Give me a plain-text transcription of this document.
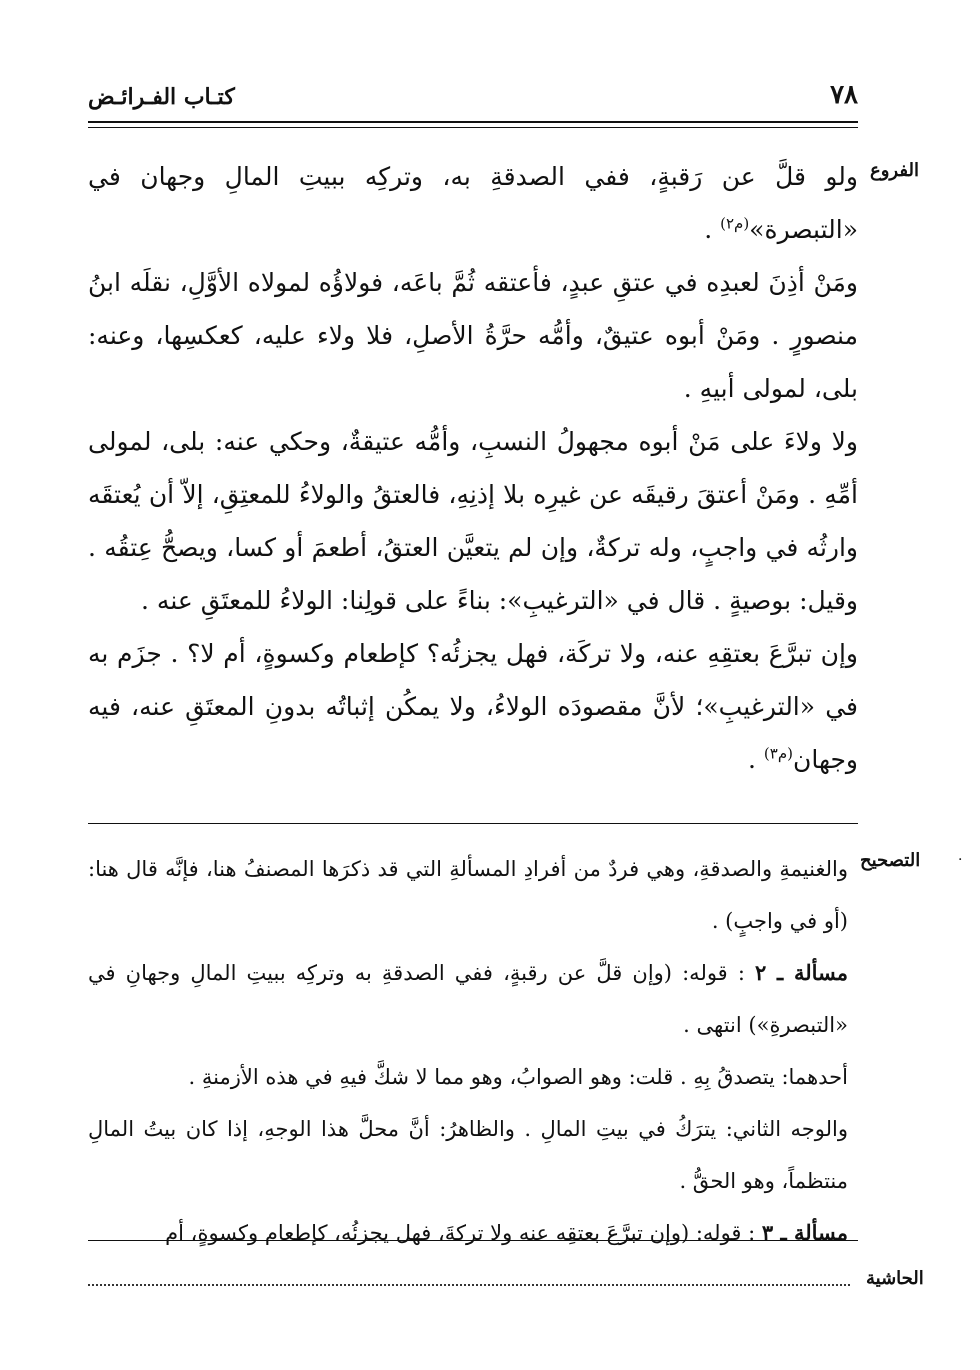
٧٨
كتـاب الفـرائـض
الفروع

ولو قلَّ عن رَقبةٍ، ففي الصدقةِ به، وتركِه ببيتِ المالِ وجهان في «التبصرة»$^{(م٢)}$ .

ومَنْ أذِنَ لعبدِه في عتقِ عبدٍ، فأعتقه ثُمَّ باعَه، فولاؤُه لمولاه الأوَّلِ، نقلَه ابنُ منصورٍ . ومَنْ أبوه عتيقٌ، وأمُّه حرَّةُ الأصلِ، فلا ولاء عليه، كعكسِها، وعنه: بلى، لمولى أبيهِ .

ولا ولاءَ على مَنْ أبوه مجهولُ النسبِ، وأمُّه عتيقةٌ، وحكي عنه: بلى، لمولى أمِّهِ . ومَنْ أعتقَ رقيقَه عن غيرِه بلا إذنِهِ، فالعتقُ والولاءُ للمعتِقِ، إلاّ أن يُعتقَه وارثُه في واجبٍ، وله تركةٌ، وإن لم يتعيَّن العتقُ، أطعمَ أو كسا، ويصحُّ عِتقُه . وقيل: بوصيةٍ . قال في «الترغيبِ»: بناءً على قولِنا: الولاءُ للمعتَقِ عنه .

وإن تبرَّعَ بعتقِهِ عنه، ولا تركَة، فهل يجزئُه؟ كإطعام وكسوةٍ، أم لا؟ . جزَم به في «الترغيبِ»؛ لأنَّ مقصودَه الولاءُ، ولا يمكُن إثباتُه بدونِ المعتَقِ عنه، فيه وجهان$^{(م٣)}$ .

التصحيح	·

والغنيمةِ والصدقةِ، وهي فردٌ من أفرادِ المسألةِ التي قد ذكرَها المصنفُ هنا، فإنَّه قال هنا: (أو في واجبٍ) .

مسألة ـ ٢ : قوله: (وإن قلَّ عن رقبةٍ، ففي الصدقةِ به وتركِه ببيتِ المالِ وجهانِ في «التبصرةِ») انتهى .

أحدهما: يتصدقُ بِهِ . قلت: وهو الصوابُ، وهو مما لا شكَّ فيهِ في هذه الأزمنةِ .

والوجه الثاني: يترَكُ في بيتِ المالِ . والظاهرُ: أنَّ محلَّ هذا الوجهِ، إذا كان بيتُ المالِ منتظماً، وهو الحقُّ .

مسألة ـ ٣ : قوله: (وإن تبرَّعَ بعتقِه عنه ولا تركةَ، فهل يجزئُه، كإطعام وكسوةٍ، أم

الحاشية
